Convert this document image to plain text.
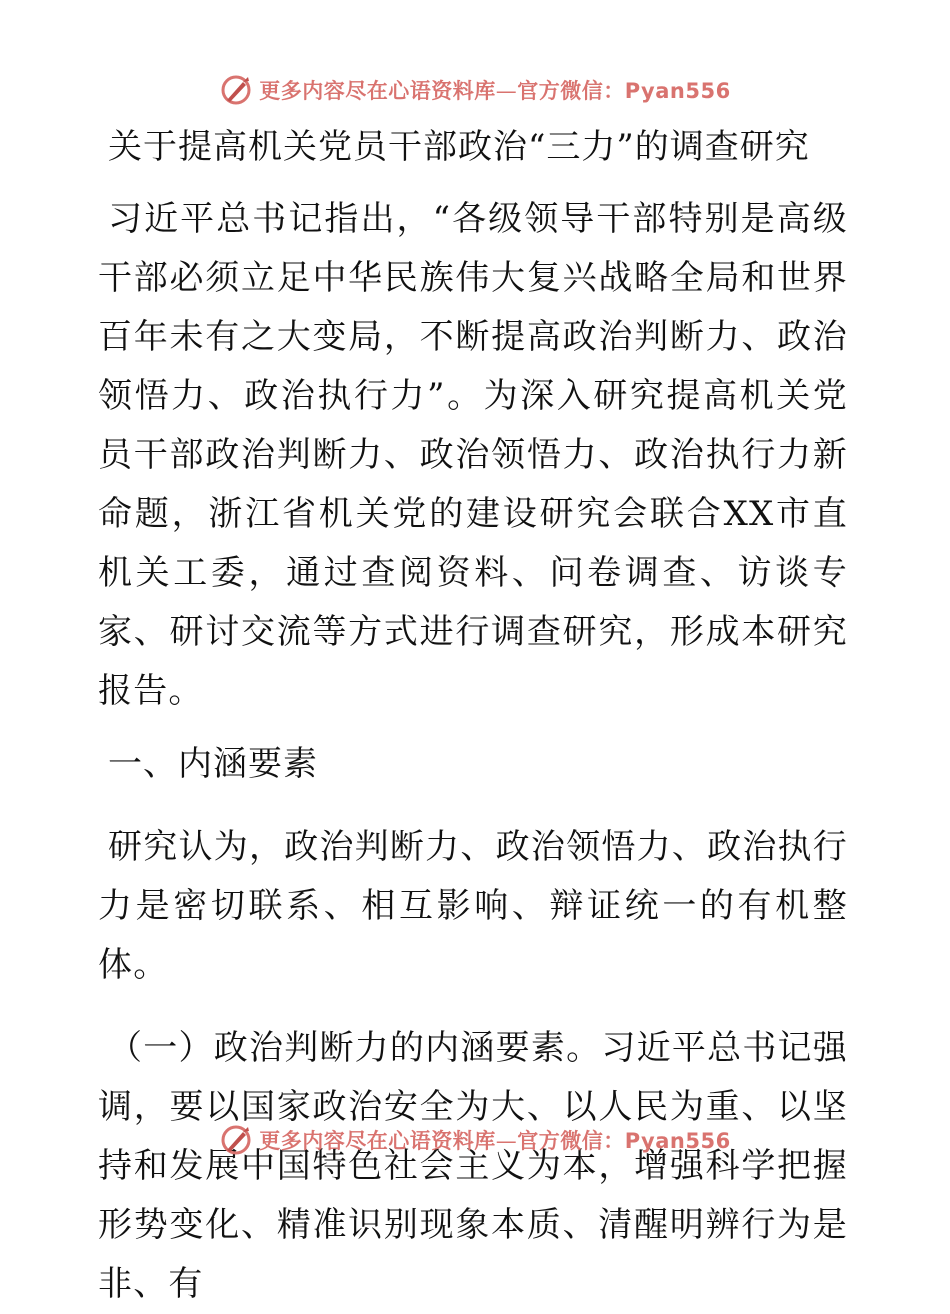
更多内容尽在心语资料库—官方微信：Pyan556
关于提高机关党员干部政治“三力”的调查研究

习近平总书记指出，“各级领导干部特别是高级干部必须立足中华民族伟大复兴战略全局和世界百年未有之大变局，不断提高政治判断力、政治领悟力、政治执行力”。为深入研究提高机关党员干部政治判断力、政治领悟力、政治执行力新命题，浙江省机关党的建设研究会联合XX市直机关工委，通过查阅资料、问卷调查、访谈专家、研讨交流等方式进行调查研究，形成本研究报告。

一、内涵要素

研究认为，政治判断力、政治领悟力、政治执行力是密切联系、相互影响、辩证统一的有机整体。

（一）政治判断力的内涵要素。习近平总书记强调，要以国家政治安全为大、以人民为重、以坚持和发展中国特色社会主义为本，增强科学把握形势变化、精准识别现象本质、清醒明辨行为是非、有

更多内容尽在心语资料库—官方微信：Pyan556
